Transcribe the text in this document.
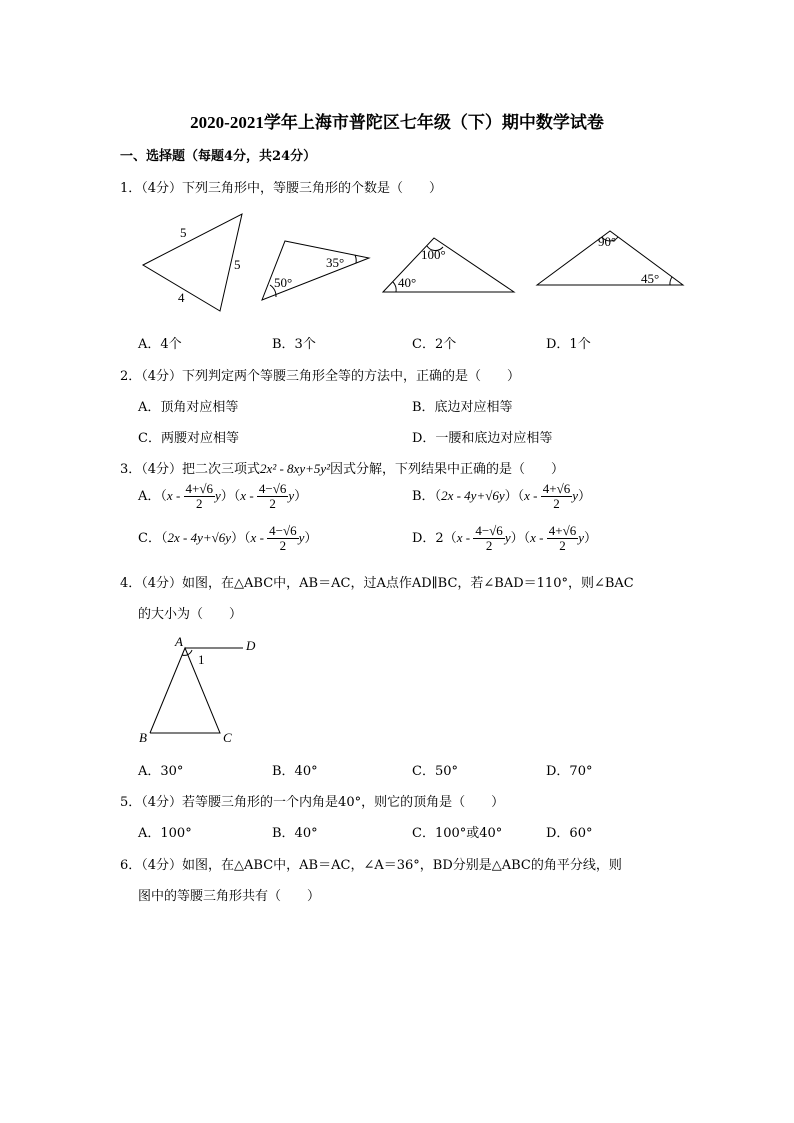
2020-2021学年上海市普陀区七年级（下）期中数学试卷
一、选择题（每题4分，共24分）
1．（4分）下列三角形中，等腰三角形的个数是（　　）
5
5
4
50°
35°
100°
40°
90°
45°
A．4个	B．3个	C．2个	D．1个
2．（4分）下列判定两个等腰三角形全等的方法中，正确的是（　　）
A．顶角对应相等	B．底边对应相等
C．两腰对应相等	D．一腰和底边对应相等
3．（4分）把二次三项式2x² - 8xy+5y²因式分解，下列结果中正确的是（　　）
A．$(x - \frac{4+√6}{2} y)(x - \frac{4-√6}{2} y)$	B．$(2x - 4y+√6y)(x - \frac{4+√6}{2} y)$
C．$(2x - 4y+√6y)(x - \frac{4-√6}{2} y)$	D．$2(x - \frac{4-√6}{2} y)(x - \frac{4+√6}{2} y)$
4．（4分）如图，在△ABC中，AB＝AC，过A点作AD∥BC，若∠BAD＝110°，则∠BAC
的大小为（　　）
A	D
B	C
1
A．30°	B．40°	C．50°	D．70°
5．（4分）若等腰三角形的一个内角是40°，则它的顶角是（　　）
A．100°	B．40°	C．100°或40°	D．60°
6．（4分）如图，在△ABC中，AB＝AC，∠A＝36°，BD分别是△ABC的角平分线，则
图中的等腰三角形共有（　　）
